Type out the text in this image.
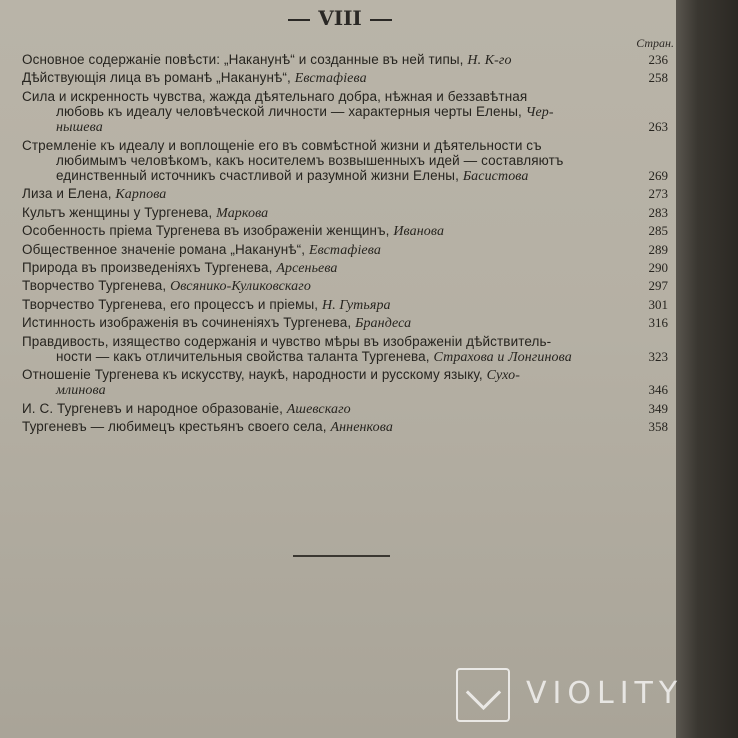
VIII
Стран.
Основное содержанie повѣсти: „Наканунѣ“ и созданные въ ней типы, Н. К-го	236
Дѣйствующія лица въ романѣ „Наканунѣ“, Евстафіева	258
Сила и искренность чувства, жажда дѣятельнаго добра, нѣжная и беззавѣтная
любовь къ идеалу человѣческой личности — характерныя черты Елены, Чер-
нышева	263
Стремленіе къ идеалу и воплощеніе его въ совмѣстной жизни и дѣятельности съ
любимымъ человѣкомъ, какъ носителемъ возвышенныхъ идей — составляютъ
единственный источникъ счастливой и разумной жизни Елены, Басистова	269
Лиза и Елена, Карпова	273
Культъ женщины у Тургенева, Маркова	283
Особенность пріема Тургенева въ изображеніи женщинъ, Иванова	285
Общественное значеніе романа „Наканунѣ“, Евстафіева	289
Природа въ произведеніяхъ Тургенева, Арсеньева	290
Творчество Тургенева, Овсянико-Куликовскаго	297
Творчество Тургенева, его процессъ и пріемы, Н. Гутьяра	301
Истинность изображенія въ сочиненіяхъ Тургенева, Брандеса	316
Правдивость, изящество содержанія и чувство мѣры въ изображеніи дѣйствитель-
ности — какъ отличительныя свойства таланта Тургенева, Страхова и Лонгинова	323
Отношеніе Тургенева къ искусству, наукѣ, народности и русскому языку, Сухо-
млинова	346
И. С. Тургеневъ и народное образованіе, Ашевскаго	349
Тургеневъ — любимецъ крестьянъ своего села, Анненкова	358
VIOLITY
